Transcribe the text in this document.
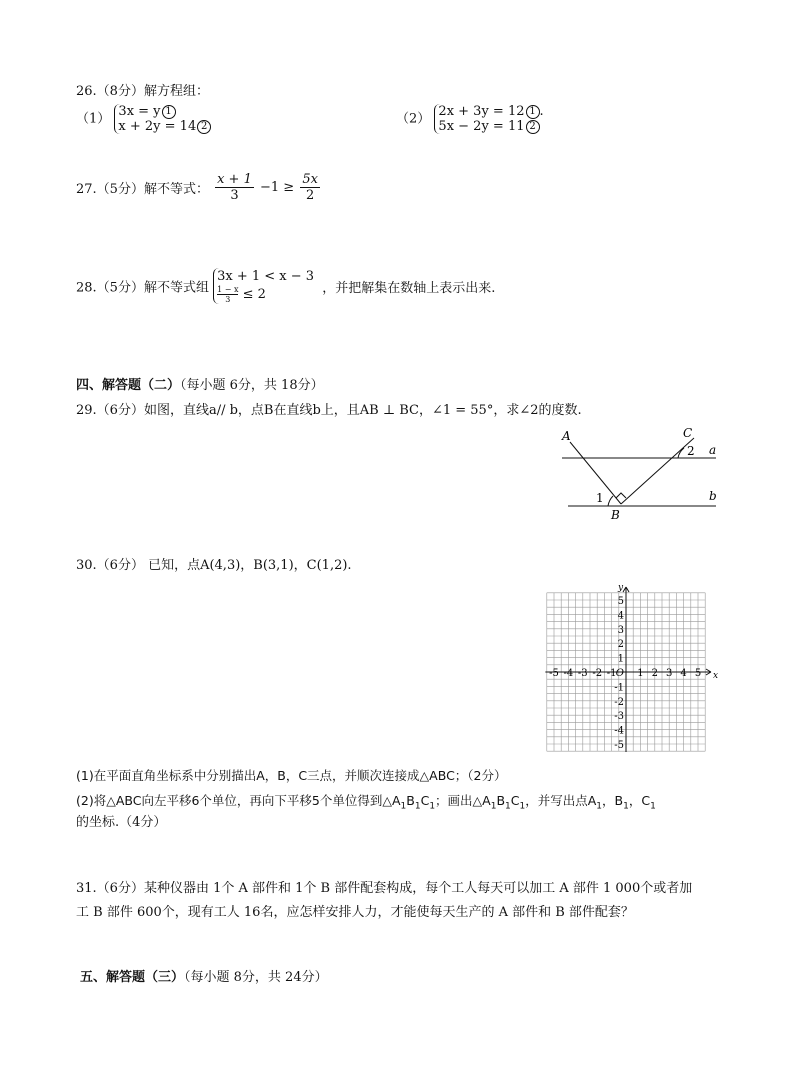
26.（8分）解方程组：
（1） 3x = y 1
x + 2y = 14 2	（2） 2x + 3y = 12 1 .
5x − 2y = 11 2
27.（5分）解不等式： $\frac{x + 1}{3} -1 \ge \frac{5x}{2}$
28.（5分）解不等式组
3x + 1 < x − 3
$\frac{1 - x}{3} \le 2$	，并把解集在数轴上表示出来.
四、解答题（二）（每小题 6分，共 18分）
29.（6分）如图，直线a// b，点B在直线b上，且AB ⊥ BC，∠1 = 55°，求∠2的度数.
A	C
B
a
b
1
2
30.（6分） 已知，点A(4,3)，B(3,1)，C(1,2).
-5 -4 -3 -2 -1 1 2 3 4 5
5
4
3
2
1
-1
-2
-3
-4
-5
O	x
y
(1)在平面直角坐标系中分别描出A，B，C三点，并顺次连接成△ABC；（2分）
(2)将△ABC向左平移6个单位，再向下平移5个单位得到$\triangle A_1B_1C_1$；画出$\triangle A_1B_1C_1$，并写出点$A_1$，$B_1$，$C_1$
的坐标.（4分）
31.（6分）某种仪器由 1个 A 部件和 1个 B 部件配套构成，每个工人每天可以加工 A 部件 1 000个或者加
工 B 部件 600个，现有工人 16名，应怎样安排人力，才能使每天生产的 A 部件和 B 部件配套？
五、解答题（三）（每小题 8分，共 24分）
